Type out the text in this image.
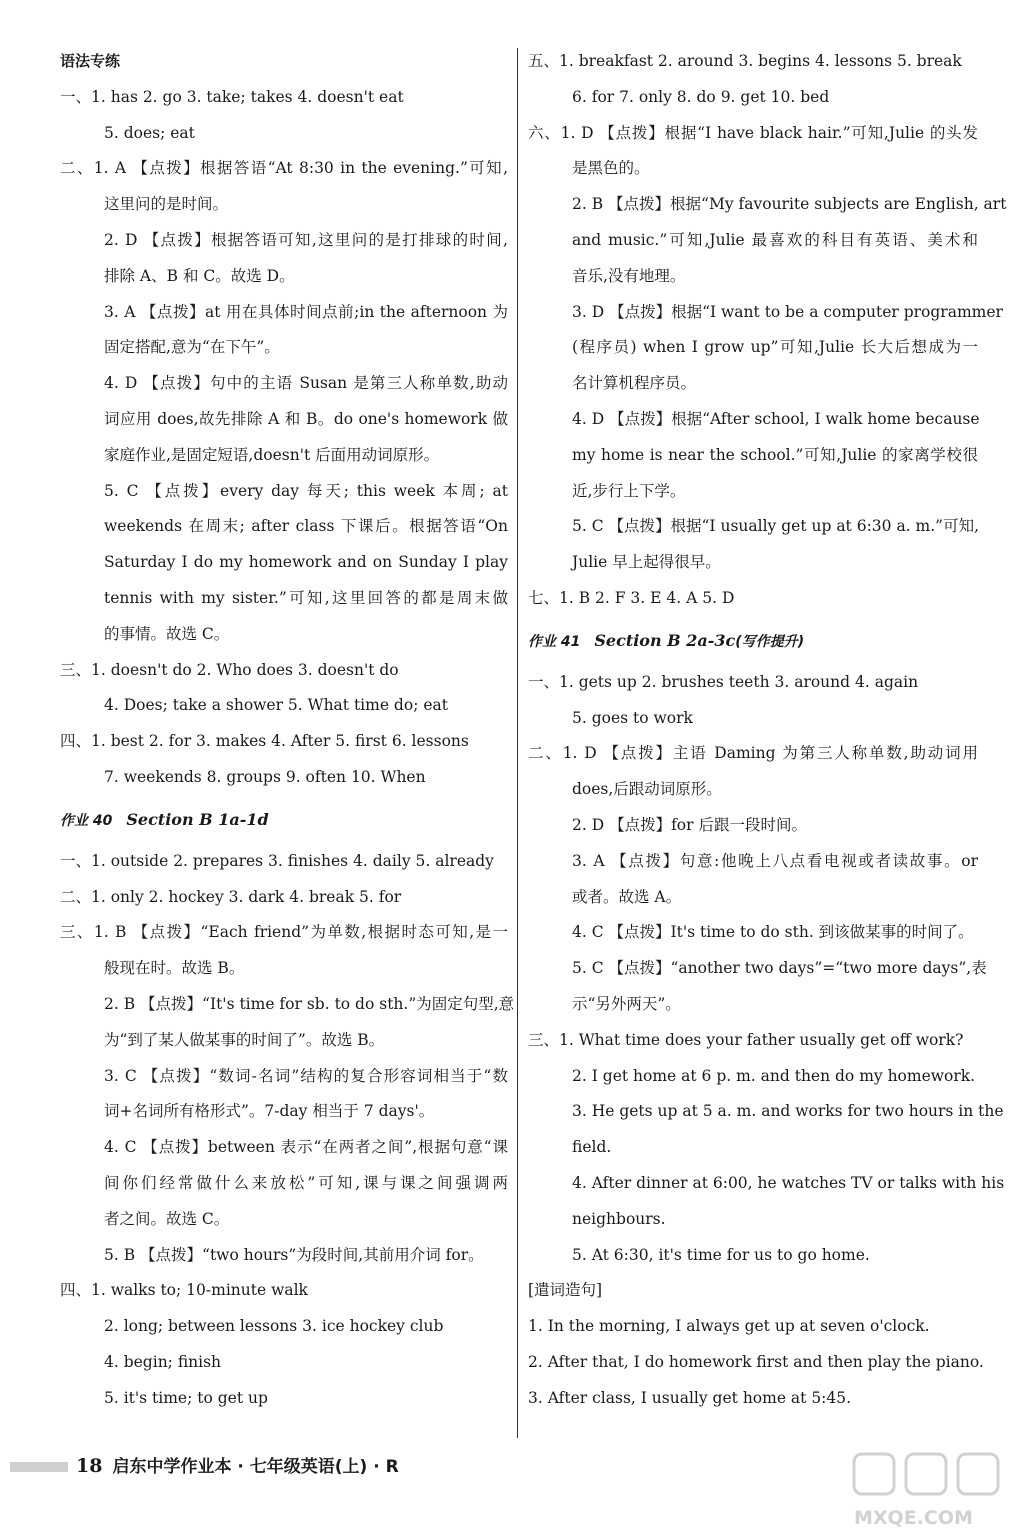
语法专练
一、1. has 2. go 3. take; takes 4. doesn't eat
5. does; eat
二、1. A 【点拨】根据答语“At 8:30 in the evening.”可知,
这里问的是时间。
2. D 【点拨】根据答语可知,这里问的是打排球的时间,
排除 A、B 和 C。故选 D。
3. A 【点拨】at 用在具体时间点前;in the afternoon 为
固定搭配,意为“在下午”。
4. D 【点拨】句中的主语 Susan 是第三人称单数,助动
词应用 does,故先排除 A 和 B。do one's homework 做
家庭作业,是固定短语,doesn't 后面用动词原形。
5. C 【点拨】every day 每天; this week 本周; at
weekends 在周末; after class 下课后。根据答语“On
Saturday I do my homework and on Sunday I play
tennis with my sister.”可知,这里回答的都是周末做
的事情。故选 C。
三、1. doesn't do 2. Who does 3. doesn't do
4. Does; take a shower 5. What time do; eat
四、1. best 2. for 3. makes 4. After 5. first 6. lessons
7. weekends 8. groups 9. often 10. When
作业 40 Section B 1a-1d
一、1. outside 2. prepares 3. finishes 4. daily 5. already
二、1. only 2. hockey 3. dark 4. break 5. for
三、1. B 【点拨】“Each friend”为单数,根据时态可知,是一
般现在时。故选 B。
2. B 【点拨】“It's time for sb. to do sth.”为固定句型,意
为“到了某人做某事的时间了”。故选 B。
3. C 【点拨】“数词-名词”结构的复合形容词相当于“数
词+名词所有格形式”。7-day 相当于 7 days'。
4. C 【点拨】between 表示“在两者之间”,根据句意“课
间你们经常做什么来放松”可知,课与课之间强调两
者之间。故选 C。
5. B 【点拨】“two hours”为段时间,其前用介词 for。
四、1. walks to; 10-minute walk
2. long; between lessons 3. ice hockey club
4. begin; finish
5. it's time; to get up
五、1. breakfast 2. around 3. begins 4. lessons 5. break
6. for 7. only 8. do 9. get 10. bed
六、1. D 【点拨】根据“I have black hair.”可知,Julie 的头发
是黑色的。
2. B 【点拨】根据“My favourite subjects are English, art
and music.”可知,Julie 最喜欢的科目有英语、美术和
音乐,没有地理。
3. D 【点拨】根据“I want to be a computer programmer
(程序员) when I grow up”可知,Julie 长大后想成为一
名计算机程序员。
4. D 【点拨】根据“After school, I walk home because
my home is near the school.”可知,Julie 的家离学校很
近,步行上下学。
5. C 【点拨】根据“I usually get up at 6:30 a. m.”可知,
Julie 早上起得很早。
七、1. B 2. F 3. E 4. A 5. D
作业 41 Section B 2a-3c(写作提升)
一、1. gets up 2. brushes teeth 3. around 4. again
5. goes to work
二、1. D 【点拨】主语 Daming 为第三人称单数,助动词用
does,后跟动词原形。
2. D 【点拨】for 后跟一段时间。
3. A 【点拨】句意:他晚上八点看电视或者读故事。or
或者。故选 A。
4. C 【点拨】It's time to do sth. 到该做某事的时间了。
5. C 【点拨】“another two days”=“two more days”,表
示“另外两天”。
三、1. What time does your father usually get off work?
2. I get home at 6 p. m. and then do my homework.
3. He gets up at 5 a. m. and works for two hours in the
field.
4. After dinner at 6:00, he watches TV or talks with his
neighbours.
5. At 6:30, it's time for us to go home.
[遣词造句]
1. In the morning, I always get up at seven o'clock.
2. After that, I do homework first and then play the piano.
3. After class, I usually get home at 5:45.
18 启东中学作业本 · 七年级英语(上) · R
MXQE.COM
